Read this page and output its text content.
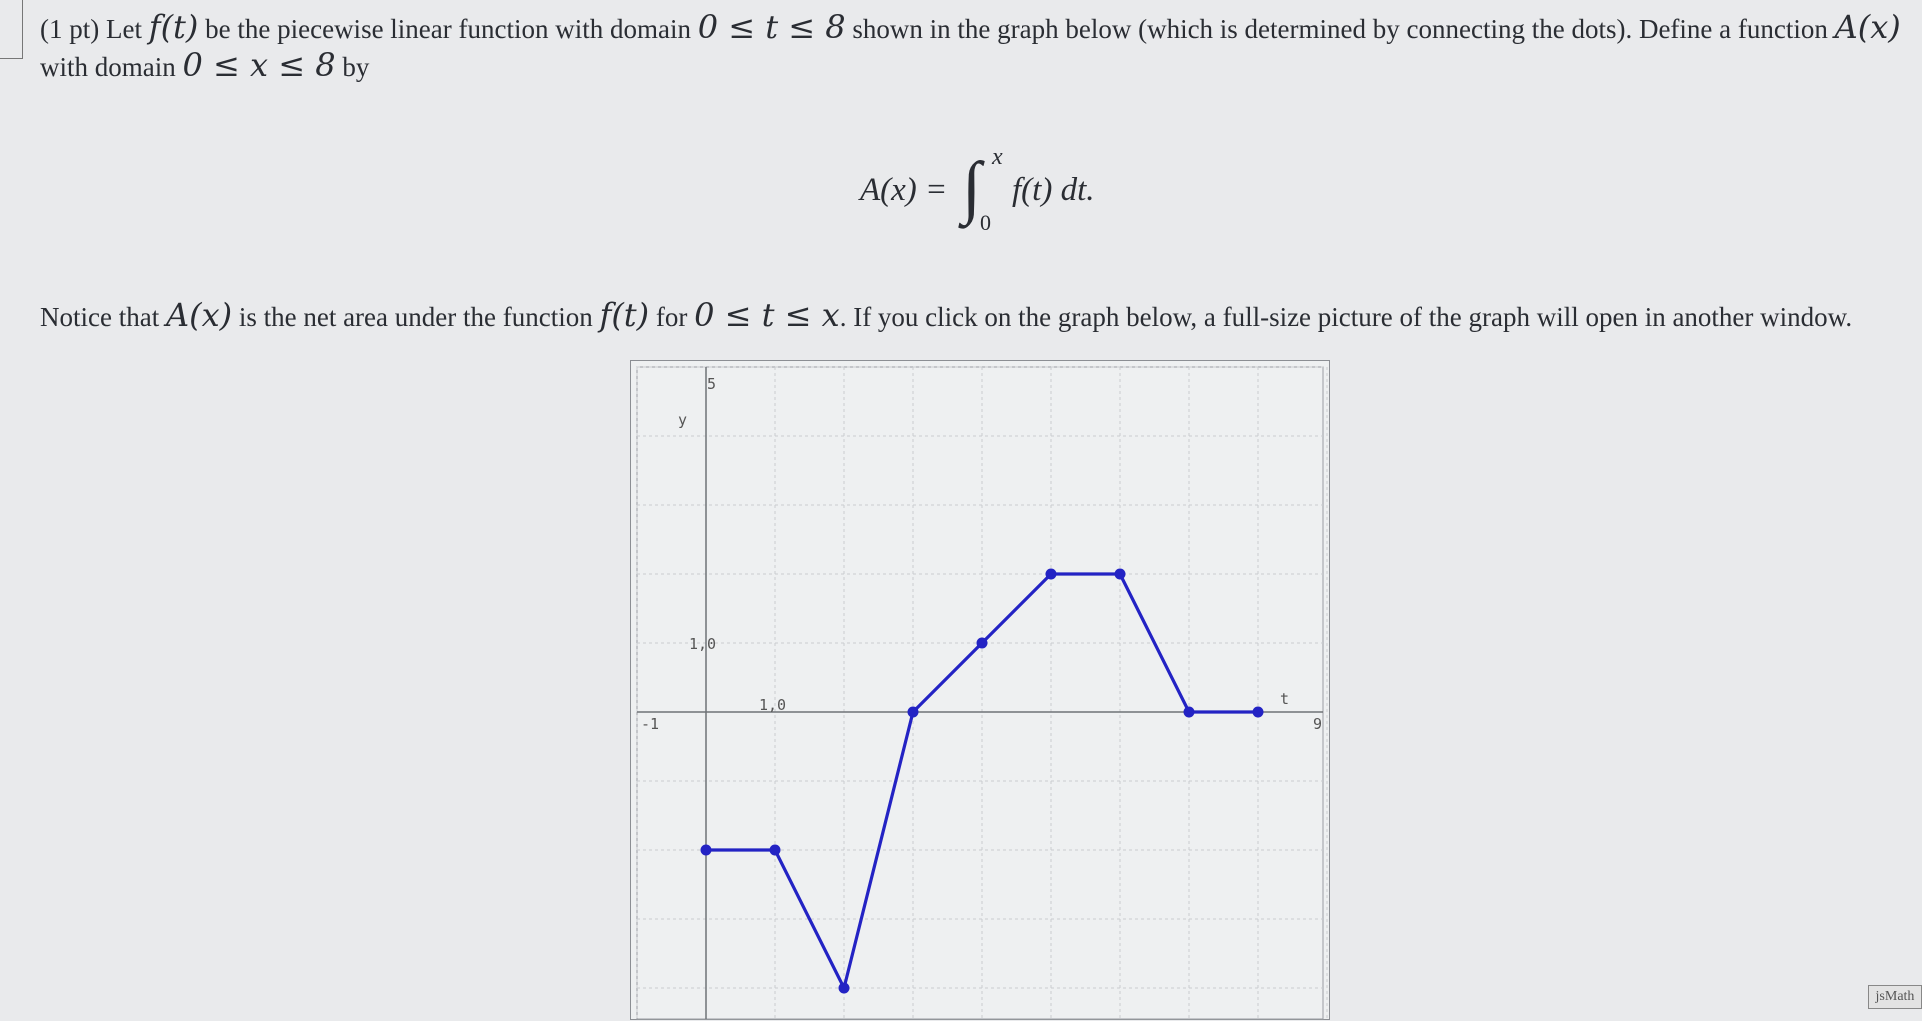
(1 pt) Let f(t) be the piecewise linear function with domain 0 ≤ t ≤ 8 shown in the graph below (which is determined by connecting the dots). Define a function A(x)
with domain 0 ≤ x ≤ 8 by
A(x) = ∫ x
0
f(t) dt.
Notice that A(x) is the net area under the function f(t) for 0 ≤ t ≤ x. If you click on the graph below, a full-size picture of the graph will open in another window.
-1	9
5
1,0
1,0
y
t
jsMath
